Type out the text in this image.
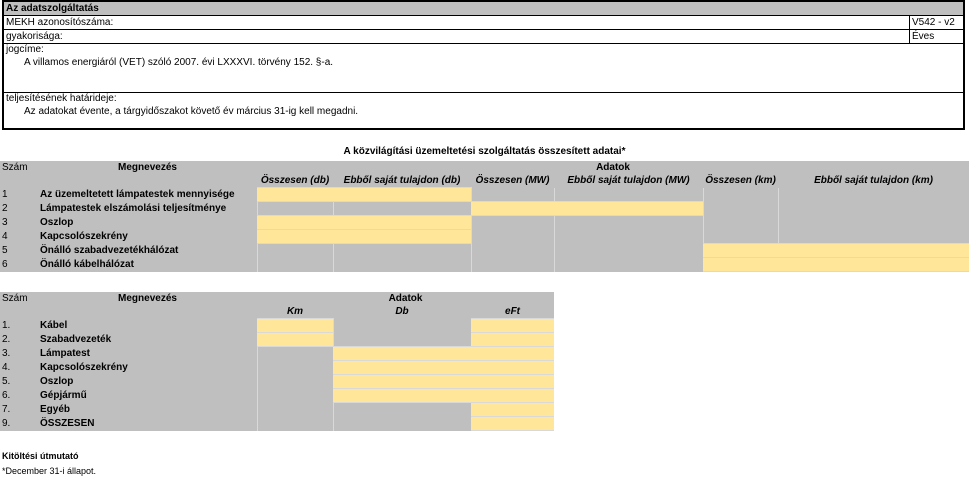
Az adatszolgáltatás
MEKH azonosítószáma:	V542 - v2
gyakorisága:	Éves
jogcíme:
A villamos energiáról (VET) szóló 2007. évi LXXXVI. törvény 152. §-a.
teljesítésének határideje:
Az adatokat évente, a tárgyidőszakot követő év március 31-ig kell megadni.
A közvilágítási üzemeltetési szolgáltatás összesített adatai*
Szám	Megnevezés	Adatok					
		Összesen (db)	Ebből saját tulajdon (db)	Összesen (MW)	Ebből saját tulajdon (MW)	Összesen (km)	Ebből saját tulajdon (km)
1	Az üzemeltetett lámpatestek mennyisége						
2	Lámpatestek elszámolási teljesítménye						
3	Oszlop						
4	Kapcsolószekrény						
5	Önálló szabadvezetékhálózat						
6	Önálló kábelhálózat						
Szám	Megnevezés	Adatok		
		Km	Db	eFt
1.	Kábel			
2.	Szabadvezeték			
3.	Lámpatest			
4.	Kapcsolószekrény			
5.	Oszlop			
6.	Gépjármű			
7.	Egyéb			
9.	ÖSSZESEN			
Kitöltési útmutató
*December 31-i állapot.
